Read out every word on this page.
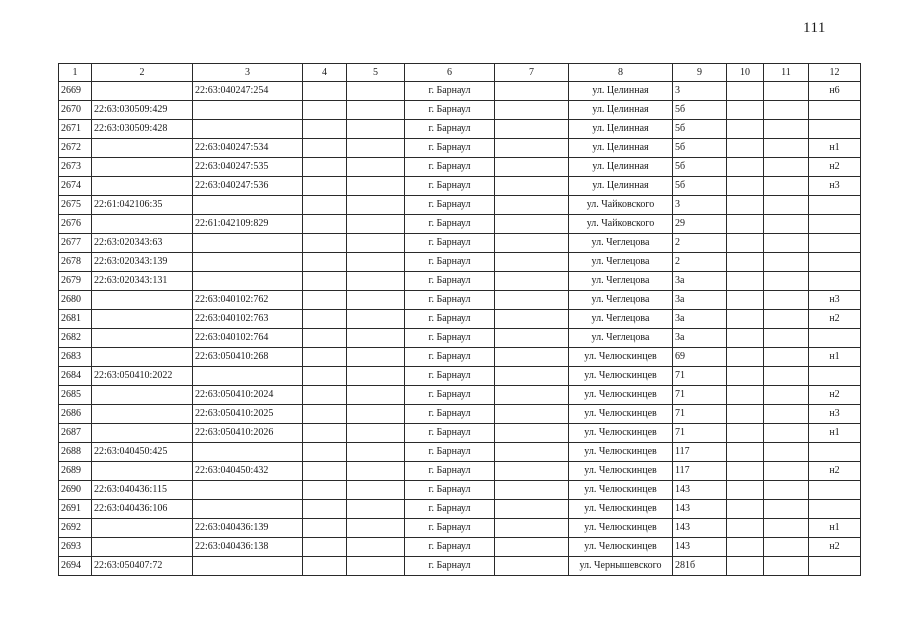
111
1	2	3	4	5	6	7	8	9	10	11	12
2669		22:63:040247:254			г. Барнаул		ул. Целинная	3			н6
2670	22:63:030509:429				г. Барнаул		ул. Целинная	5б			
2671	22:63:030509:428				г. Барнаул		ул. Целинная	5б			
2672		22:63:040247:534			г. Барнаул		ул. Целинная	5б			н1
2673		22:63:040247:535			г. Барнаул		ул. Целинная	5б			н2
2674		22:63:040247:536			г. Барнаул		ул. Целинная	5б			н3
2675	22:61:042106:35				г. Барнаул		ул. Чайковского	3			
2676		22:61:042109:829			г. Барнаул		ул. Чайковского	29			
2677	22:63:020343:63				г. Барнаул		ул. Чеглецова	2			
2678	22:63:020343:139				г. Барнаул		ул. Чеглецова	2			
2679	22:63:020343:131				г. Барнаул		ул. Чеглецова	3а			
2680		22:63:040102:762			г. Барнаул		ул. Чеглецова	3а			н3
2681		22:63:040102:763			г. Барнаул		ул. Чеглецова	3а			н2
2682		22:63:040102:764			г. Барнаул		ул. Чеглецова	3а			
2683		22:63:050410:268			г. Барнаул		ул. Челюскинцев	69			н1
2684	22:63:050410:2022				г. Барнаул		ул. Челюскинцев	71			
2685		22:63:050410:2024			г. Барнаул		ул. Челюскинцев	71			н2
2686		22:63:050410:2025			г. Барнаул		ул. Челюскинцев	71			н3
2687		22:63:050410:2026			г. Барнаул		ул. Челюскинцев	71			н1
2688	22:63:040450:425				г. Барнаул		ул. Челюскинцев	117			
2689		22:63:040450:432			г. Барнаул		ул. Челюскинцев	117			н2
2690	22:63:040436:115				г. Барнаул		ул. Челюскинцев	143			
2691	22:63:040436:106				г. Барнаул		ул. Челюскинцев	143			
2692		22:63:040436:139			г. Барнаул		ул. Челюскинцев	143			н1
2693		22:63:040436:138			г. Барнаул		ул. Челюскинцев	143			н2
2694	22:63:050407:72				г. Барнаул		ул. Чернышевского	281б			
